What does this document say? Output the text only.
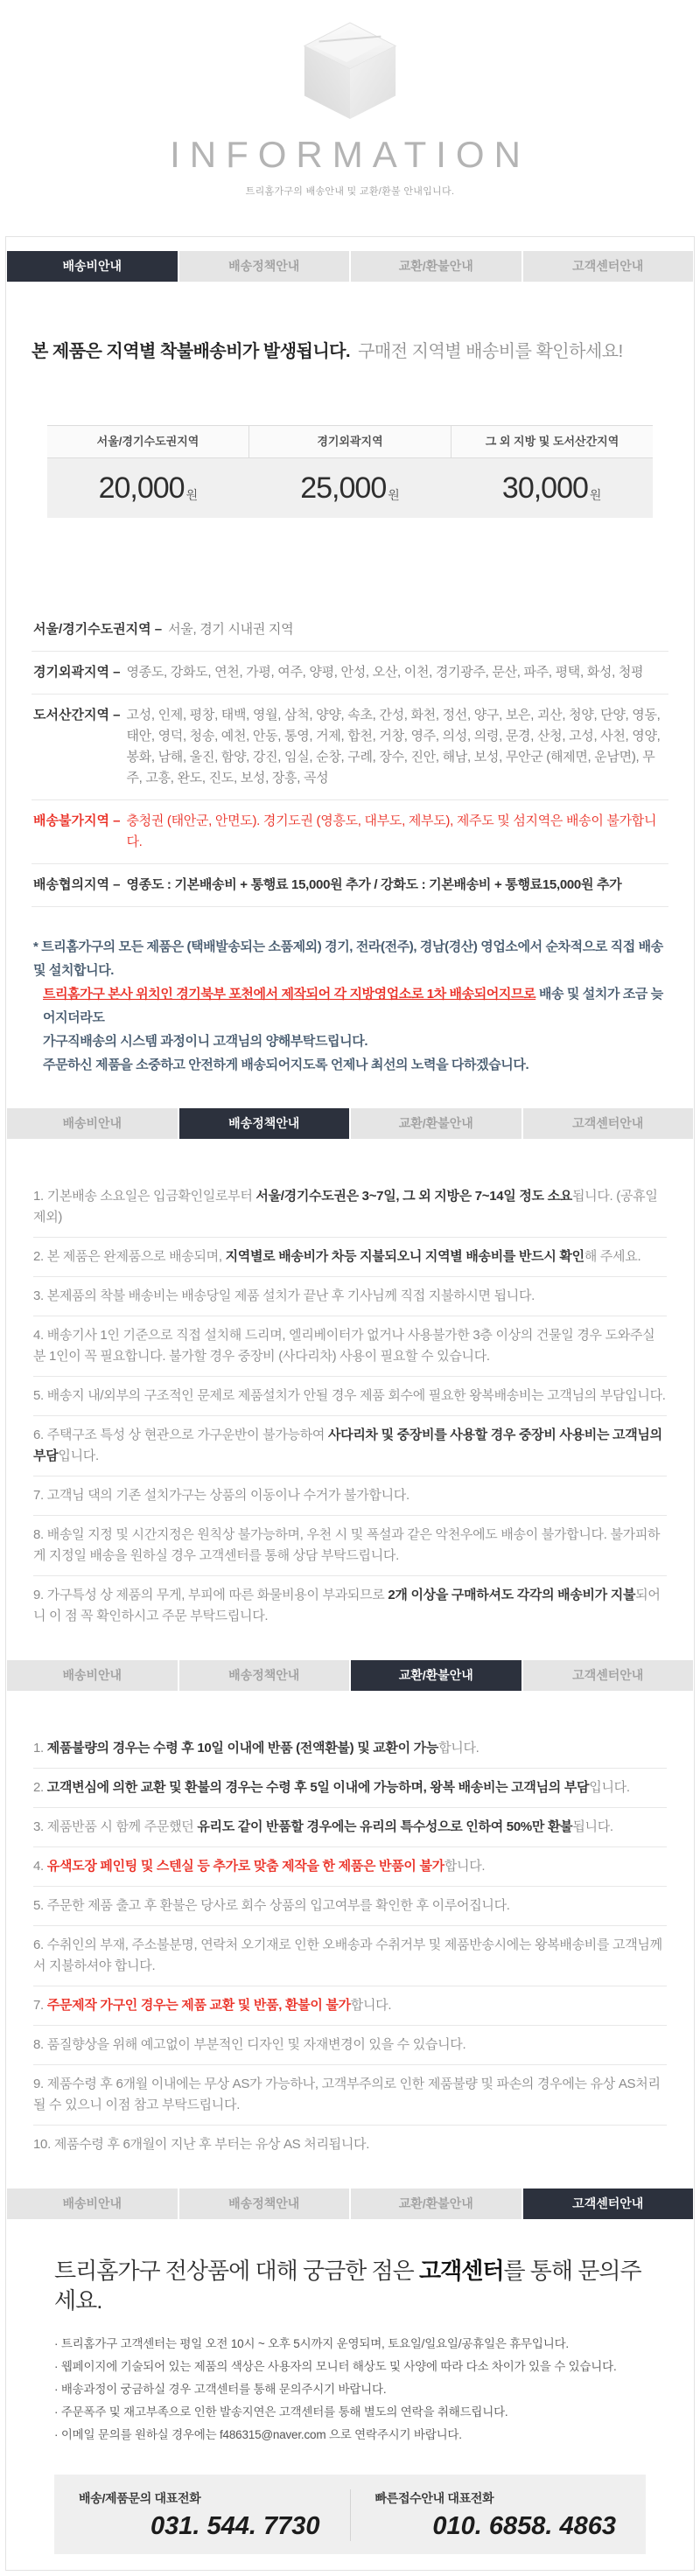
INFORMATION
트리홈가구의 배송안내 및 교환/환불 안내입니다.
배송비안내	배송정책안내	교환/환불안내	고객센터안내
본 제품은 지역별 착불배송비가 발생됩니다. 구매전 지역별 배송비를 확인하세요!
서울/경기수도권지역	경기외곽지역	그 외 지방 및 도서산간지역
20,000 원	25,000 원	30,000 원
서울/경기수도권지역 – 서울, 경기 시내권 지역
경기외곽지역 – 영종도, 강화도, 연천, 가평, 여주, 양평, 안성, 오산, 이천, 경기광주, 문산, 파주, 평택, 화성, 청평
도서산간지역 – 고성, 인제, 평창, 태백, 영월, 삼척, 양양, 속초, 간성, 화천, 정선, 양구, 보은, 괴산, 청양, 단양, 영동, 태안, 영덕, 청송, 예천, 안동, 통영, 거제, 합천, 거창, 영주, 의성, 의령, 문경, 산청, 고성, 사천, 영양, 봉화, 남해, 울진, 함양, 강진, 임실, 순창, 구례, 장수, 진안, 해남, 보성, 무안군 (해제면, 운남면), 무주, 고흥, 완도, 진도, 보성, 장흥, 곡성
배송불가지역 – 충청권 (태안군, 안면도). 경기도권 (영흥도, 대부도, 제부도), 제주도 및 섬지역은 배송이 불가합니다.
배송협의지역 – 영종도 : 기본배송비 + 통행료 15,000원 추가 / 강화도 : 기본배송비 + 통행료15,000원 추가
* 트리홈가구의 모든 제품은 (택배발송되는 소품제외) 경기, 전라(전주), 경남(경산) 영업소에서 순차적으로 직접 배송 및 설치합니다.
트리홈가구 본사 위치인 경기북부 포천에서 제작되어 각 지방영업소로 1차 배송되어지므로 배송 및 설치가 조금 늦어지더라도
가구직배송의 시스템 과정이니 고객님의 양해부탁드립니다.
주문하신 제품을 소중하고 안전하게 배송되어지도록 언제나 최선의 노력을 다하겠습니다.
배송비안내	배송정책안내	교환/환불안내	고객센터안내
1. 기본배송 소요일은 입금확인일로부터 서울/경기수도권은 3~7일, 그 외 지방은 7~14일 정도 소요됩니다. (공휴일 제외)
2. 본 제품은 완제품으로 배송되며, 지역별로 배송비가 차등 지불되오니 지역별 배송비를 반드시 확인해 주세요.
3. 본제품의 착불 배송비는 배송당일 제품 설치가 끝난 후 기사님께 직접 지불하시면 됩니다.
4. 배송기사 1인 기준으로 직접 설치해 드리며, 엘리베이터가 없거나 사용불가한 3층 이상의 건물일 경우 도와주실 분 1인이 꼭 필요합니다. 불가할 경우 중장비 (사다리차) 사용이 필요할 수 있습니다.
5. 배송지 내/외부의 구조적인 문제로 제품설치가 안될 경우 제품 회수에 필요한 왕복배송비는 고객님의 부담입니다.
6. 주택구조 특성 상 현관으로 가구운반이 불가능하여 사다리차 및 중장비를 사용할 경우 중장비 사용비는 고객님의 부담입니다.
7. 고객님 댁의 기존 설치가구는 상품의 이동이나 수거가 불가합니다.
8. 배송일 지정 및 시간지정은 원칙상 불가능하며, 우천 시 및 폭설과 같은 악천우에도 배송이 불가합니다. 불가피하게 지정일 배송을 원하실 경우 고객센터를 통해 상담 부탁드립니다.
9. 가구특성 상 제품의 무게, 부피에 따른 화물비용이 부과되므로 2개 이상을 구매하셔도 각각의 배송비가 지불되어니 이 점 꼭 확인하시고 주문 부탁드립니다.
배송비안내	배송정책안내	교환/환불안내	고객센터안내
1. 제품불량의 경우는 수령 후 10일 이내에 반품 (전액환불) 및 교환이 가능합니다.
2. 고객변심에 의한 교환 및 환불의 경우는 수령 후 5일 이내에 가능하며, 왕복 배송비는 고객님의 부담입니다.
3. 제품반품 시 함께 주문했던 유리도 같이 반품할 경우에는 유리의 특수성으로 인하여 50%만 환불됩니다.
4. 유색도장 페인팅 및 스텐실 등 추가로 맞춤 제작을 한 제품은 반품이 불가합니다.
5. 주문한 제품 출고 후 환불은 당사로 회수 상품의 입고여부를 확인한 후 이루어집니다.
6. 수취인의 부재, 주소불분명, 연락처 오기재로 인한 오배송과 수취거부 및 제품반송시에는 왕복배송비를 고객님께서 지불하셔야 합니다.
7. 주문제작 가구인 경우는 제품 교환 및 반품, 환불이 불가합니다.
8. 품질향상을 위해 예고없이 부분적인 디자인 및 자재변경이 있을 수 있습니다.
9. 제품수령 후 6개월 이내에는 무상 AS가 가능하나, 고객부주의로 인한 제품불량 및 파손의 경우에는 유상 AS처리될 수 있으니 이점 참고 부탁드립니다.
10. 제품수령 후 6개월이 지난 후 부터는 유상 AS 처리됩니다.
배송비안내	배송정책안내	교환/환불안내	고객센터안내
트리홈가구 전상품에 대해 궁금한 점은 고객센터를 통해 문의주세요.
· 트리홈가구 고객센터는 평일 오전 10시 ~ 오후 5시까지 운영되며, 토요일/일요일/공휴일은 휴무입니다.
· 웹페이지에 기술되어 있는 제품의 색상은 사용자의 모니터 해상도 및 사양에 따라 다소 차이가 있을 수 있습니다.
· 배송과정이 궁금하실 경우 고객센터를 통해 문의주시기 바랍니다.
· 주문폭주 및 재고부족으로 인한 발송지연은 고객센터를 통해 별도의 연락을 취해드립니다.
· 이메일 문의를 원하실 경우에는 f486315@naver.com 으로 연락주시기 바랍니다.
배송/제품문의 대표전화
031. 544. 7730
빠른접수안내 대표전화
010. 6858. 4863
